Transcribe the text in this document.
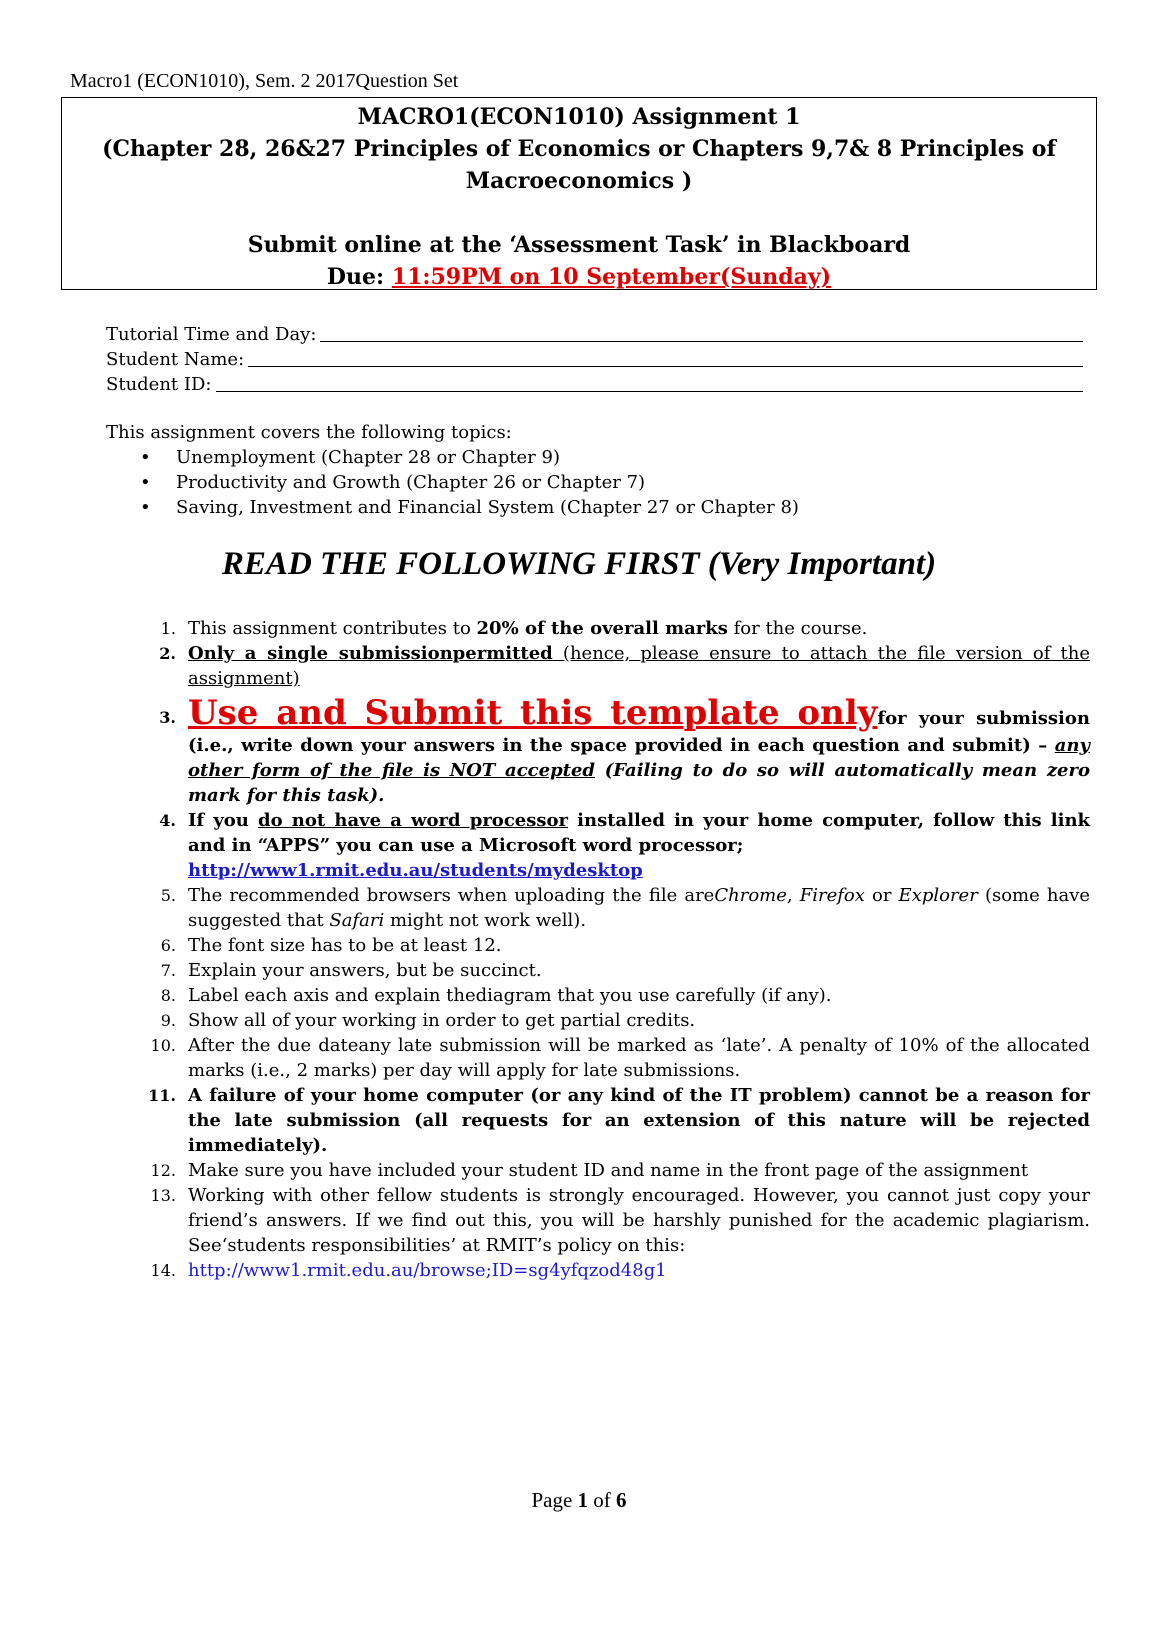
Macro1 (ECON1010), Sem. 2 2017Question Set
MACRO1(ECON1010) Assignment 1
(Chapter 28, 26&27 Principles of Economics or Chapters 9,7& 8 Principles of
Macroeconomics )
Submit online at the ‘Assessment Task’ in Blackboard
Due: 11:59PM on 10 September(Sunday)
Tutorial Time and Day:
Student Name:
Student ID:
This assignment covers the following topics:
• Unemployment (Chapter 28 or Chapter 9)
• Productivity and Growth (Chapter 26 or Chapter 7)
• Saving, Investment and Financial System (Chapter 27 or Chapter 8)
READ THE FOLLOWING FIRST (Very Important)
1. This assignment contributes to 20% of the overall marks for the course.
2. Only a single submissionpermitted (hence, please ensure to attach the file version of the assignment)
3. Use and Submit this template onlyfor your submission (i.e., write down your answers in the space provided in each question and submit) – any other form of the file is NOT accepted (Failing to do so will automatically mean zero mark for this task).
4. If you do not have a word processor installed in your home computer, follow this link and in “APPS” you can use a Microsoft word processor;
http://www1.rmit.edu.au/students/mydesktop
5. The recommended browsers when uploading the file areChrome, Firefox or Explorer (some have suggested that Safari might not work well).
6. The font size has to be at least 12.
7. Explain your answers, but be succinct.
8. Label each axis and explain thediagram that you use carefully (if any).
9. Show all of your working in order to get partial credits.
10. After the due dateany late submission will be marked as ‘late’. A penalty of 10% of the allocated marks (i.e., 2 marks) per day will apply for late submissions.
11. A failure of your home computer (or any kind of the IT problem) cannot be a reason for the late submission (all requests for an extension of this nature will be rejected immediately).
12. Make sure you have included your student ID and name in the front page of the assignment
13. Working with other fellow students is strongly encouraged. However, you cannot just copy your friend’s answers. If we find out this, you will be harshly punished for the academic plagiarism. See‘students responsibilities’ at RMIT’s policy on this:
14. http://www1.rmit.edu.au/browse;ID=sg4yfqzod48g1
Page 1 of 6
